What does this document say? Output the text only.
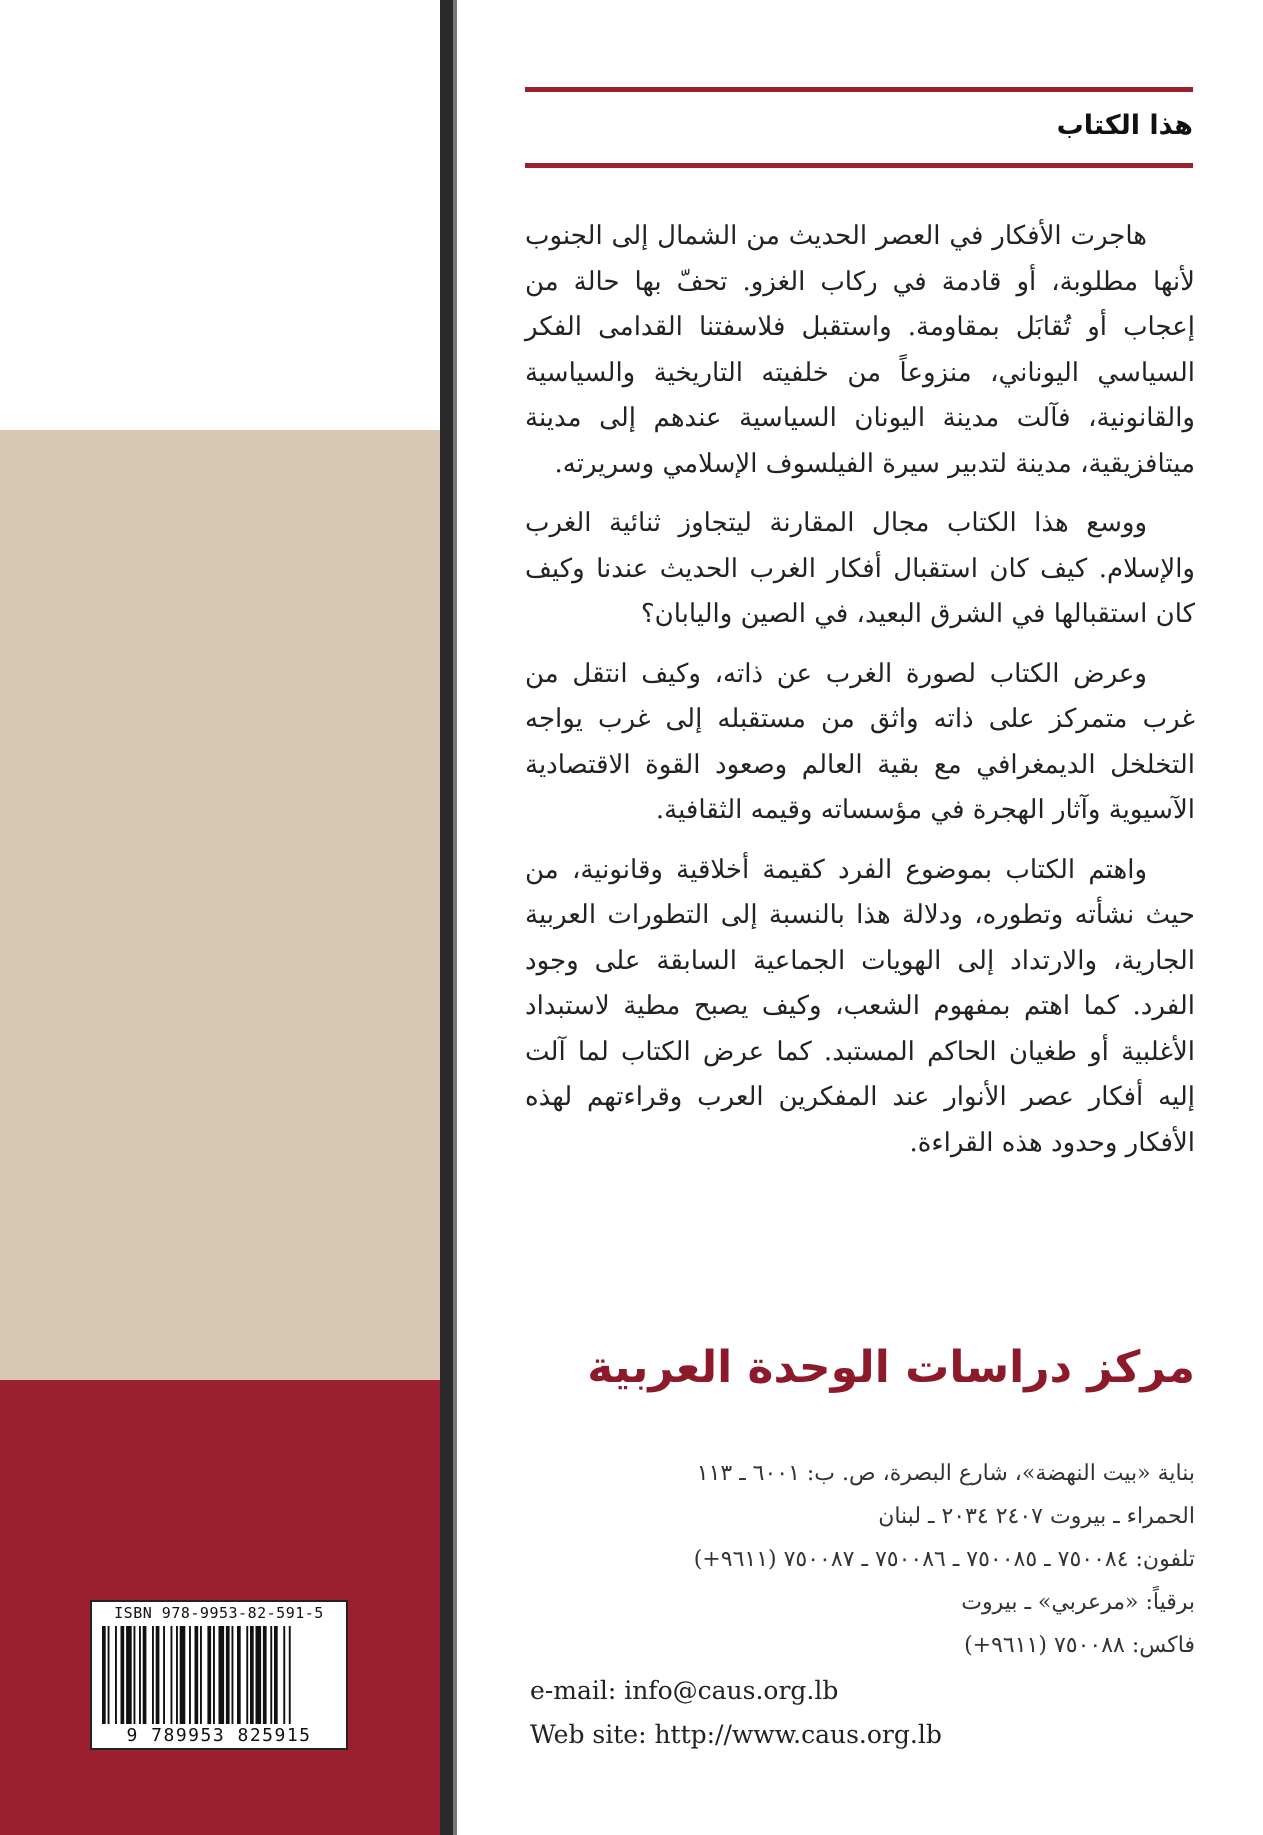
ISBN 978-9953-82-591-5
9 789953 825915
هذا الكتاب

هاجرت الأفكار في العصر الحديث من الشمال إلى الجنوب لأنها مطلوبة، أو قادمة في ركاب الغزو. تحفّ بها حالة من إعجاب أو تُقابَل بمقاومة. واستقبل فلاسفتنا القدامى الفكر السياسي اليوناني، منزوعاً من خلفيته التاريخية والسياسية والقانونية، فآلت مدينة اليونان السياسية عندهم إلى مدينة ميتافزيقية، مدينة لتدبير سيرة الفيلسوف الإسلامي وسريرته.

ووسع هذا الكتاب مجال المقارنة ليتجاوز ثنائية الغرب والإسلام. كيف كان استقبال أفكار الغرب الحديث عندنا وكيف كان استقبالها في الشرق البعيد، في الصين واليابان؟

وعرض الكتاب لصورة الغرب عن ذاته، وكيف انتقل من غرب متمركز على ذاته واثق من مستقبله إلى غرب يواجه التخلخل الديمغرافي مع بقية العالم وصعود القوة الاقتصادية الآسيوية وآثار الهجرة في مؤسساته وقيمه الثقافية.

واهتم الكتاب بموضوع الفرد كقيمة أخلاقية وقانونية، من حيث نشأته وتطوره، ودلالة هذا بالنسبة إلى التطورات العربية الجارية، والارتداد إلى الهويات الجماعية السابقة على وجود الفرد. كما اهتم بمفهوم الشعب، وكيف يصبح مطية لاستبداد الأغلبية أو طغيان الحاكم المستبد. كما عرض الكتاب لما آلت إليه أفكار عصر الأنوار عند المفكرين العرب وقراءتهم لهذه الأفكار وحدود هذه القراءة.

مركز دراسات الوحدة العربية
بناية «بيت النهضة»، شارع البصرة، ص. ب: ٦٠٠١ ـ ١١٣
الحمراء ـ بيروت ٢٤٠٧ ٢٠٣٤ ـ لبنان
تلفون: ٧٥٠٠٨٤ ـ ٧٥٠٠٨٥ ـ ٧٥٠٠٨٦ ـ ٧٥٠٠٨٧ (٩٦١١+)
برقياً: «مرعربي» ـ بيروت
فاكس: ٧٥٠٠٨٨ (٩٦١١+)
e-mail: info@caus.org.lb
Web site: http://www.caus.org.lb
